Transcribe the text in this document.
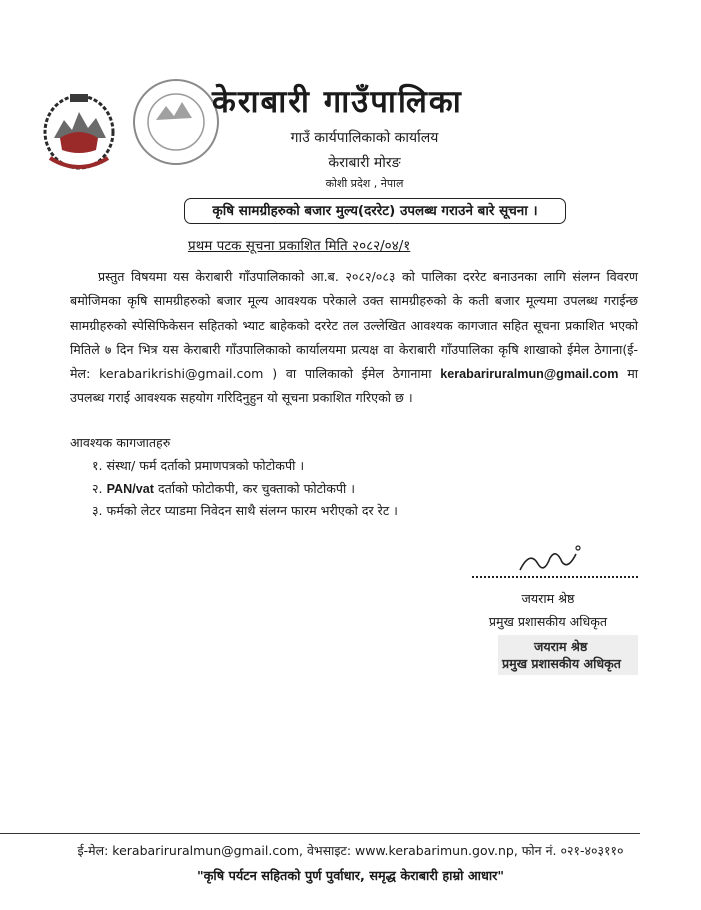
केराबारी गाउँपालिका
गाउँ कार्यपालिकाको कार्यालय
केराबारी मोरङ
कोशी प्रदेश , नेपाल
कृषि सामग्रीहरुको बजार मुल्य(दररेट) उपलब्ध गराउने बारे सूचना ।
प्रथम पटक सूचना प्रकाशित मिति २०८२/०४/१
प्रस्तुत विषयमा यस केराबारी गाँउपालिकाको आ.ब. २०८२/०८३ को पालिका दररेट बनाउनका लागि संलग्न विवरण बमोजिमका कृषि सामग्रीहरुको बजार मूल्य आवश्यक परेकाले उक्त सामग्रीहरुको के कती बजार मूल्यमा उपलब्ध गराईन्छ सामग्रीहरुको स्पेसिफिकेसन सहितको भ्याट बाहेकको दररेट तल उल्लेखित आवश्यक कागजात सहित सूचना प्रकाशित भएको मितिले ७ दिन भित्र यस केराबारी गाँउपालिकाको कार्यालयमा प्रत्यक्ष वा केराबारी गाँउपालिका कृषि शाखाको ईमेल ठेगाना(ई-मेल: kerabarikrishi@gmail.com ) वा पालिकाको ईमेल ठेगानामा kerabariruralmun@gmail.com मा उपलब्ध गराई आवश्यक सहयोग गरिदिनुहुन यो सूचना प्रकाशित गरिएको छ ।
आवश्यक कागजातहरु
१. संस्था/ फर्म दर्ताको प्रमाणपत्रको फोटोकपी ।
२. PAN/vat दर्ताको फोटोकपी, कर चुक्ताको फोटोकपी ।
३. फर्मको लेटर प्याडमा निवेदन साथै संलग्न फारम भरीएको दर रेट ।
जयराम श्रेष्ठ
प्रमुख प्रशासकीय अधिकृत
जयराम श्रेष्ठ
प्रमुख प्रशासकीय अधिकृत
ई-मेल: kerabariruralmun@gmail.com, वेभसाइट: www.kerabarimun.gov.np, फोन नं. ०२१-४०३११०
"कृषि पर्यटन सहितको पुर्ण पुर्वाधार, समृद्ध केराबारी हाम्रो आधार"
